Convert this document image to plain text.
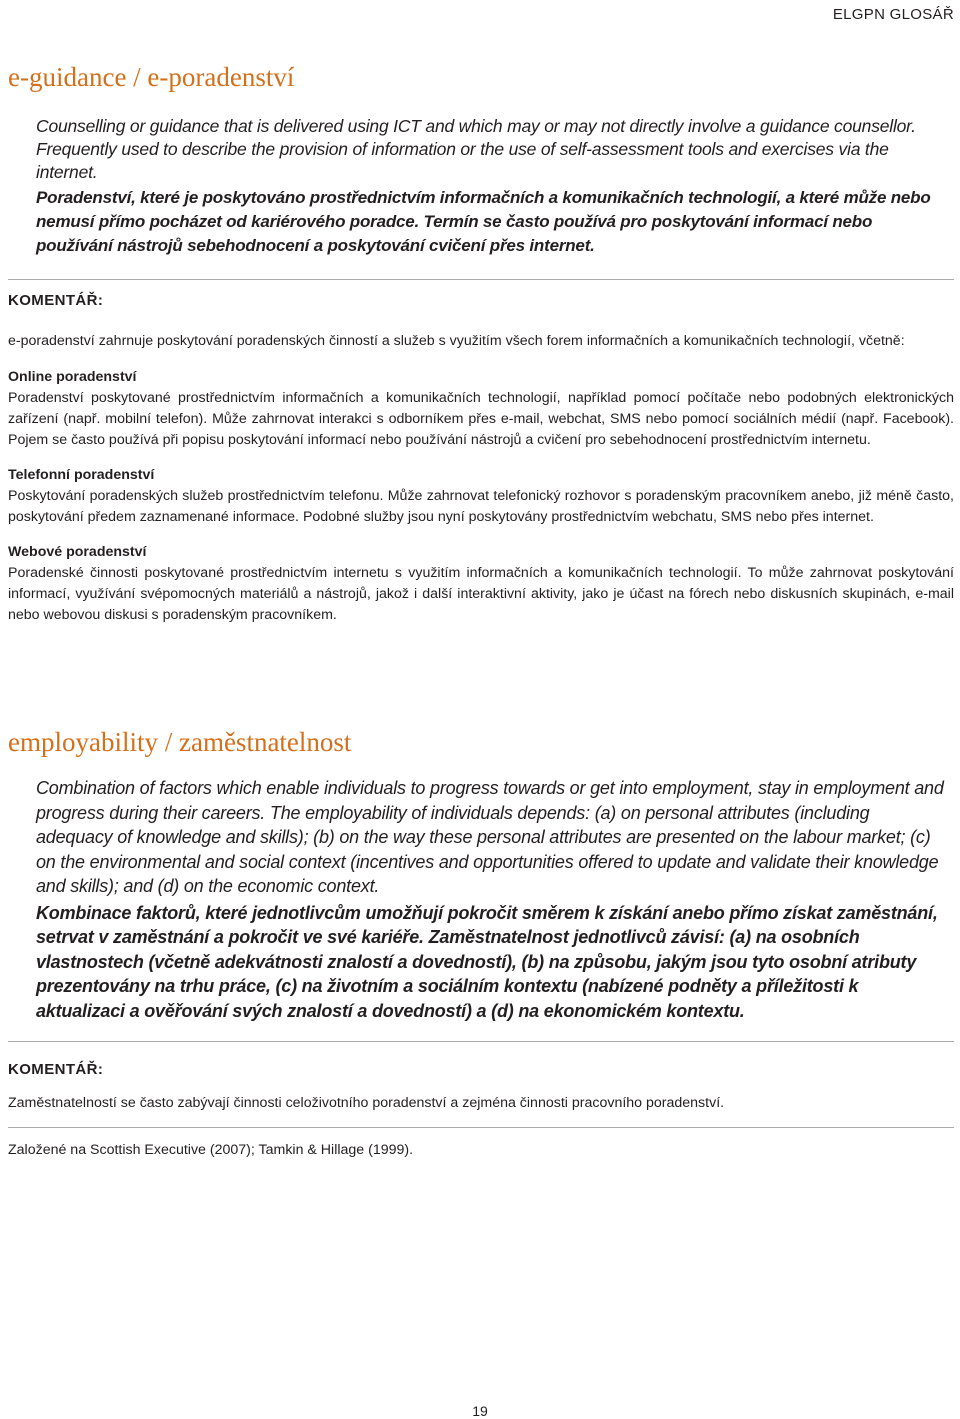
ELGPN GLOSÁŘ
e-guidance / e-poradenství

Counselling or guidance that is delivered using ICT and which may or may not directly involve a guidance counsellor. Frequently used to describe the provision of information or the use of self-assessment tools and exercises via the internet.

Poradenství, které je poskytováno prostřednictvím informačních a komunikačních technologií, a které může nebo nemusí přímo pocházet od kariérového poradce. Termín se často používá pro poskytování informací nebo používání nástrojů sebehodnocení a poskytování cvičení přes internet.

KOMENTÁŘ:

e-poradenství zahrnuje poskytování poradenských činností a služeb s využitím všech forem informačních a komunikačních technologií, včetně:

Online poradenství

Poradenství poskytované prostřednictvím informačních a komunikačních technologií, například pomocí počítače nebo podobných elektronických zařízení (např. mobilní telefon). Může zahrnovat interakci s odborníkem přes e-mail, webchat, SMS nebo pomocí sociálních médií (např. Facebook). Pojem se často používá při popisu poskytování informací nebo používání nástrojů a cvičení pro sebehodnocení prostřednictvím internetu.

Telefonní poradenství

Poskytování poradenských služeb prostřednictvím telefonu. Může zahrnovat telefonický rozhovor s poradenským pracovníkem anebo, již méně často, poskytování předem zaznamenané informace. Podobné služby jsou nyní poskytovány prostřednictvím webchatu, SMS nebo přes internet.

Webové poradenství

Poradenské činnosti poskytované prostřednictvím internetu s využitím informačních a komunikačních technologií. To může zahrnovat poskytování informací, využívání svépomocných materiálů a nástrojů, jakož i další interaktivní aktivity, jako je účast na fórech nebo diskusních skupinách, e-mail nebo webovou diskusi s poradenským pracovníkem.

employability / zaměstnatelnost

Combination of factors which enable individuals to progress towards or get into employment, stay in employment and progress during their careers. The employability of individuals depends: (a) on personal attributes (including adequacy of knowledge and skills); (b) on the way these personal attributes are presented on the labour market; (c) on the environmental and social context (incentives and opportunities offered to update and validate their knowledge and skills); and (d) on the economic context.

Kombinace faktorů, které jednotlivcům umožňují pokročit směrem k získání anebo přímo získat zaměstnání, setrvat v zaměstnání a pokročit ve své kariéře. Zaměstnatelnost jednotlivců závisí: (a) na osobních vlastnostech (včetně adekvátnosti znalostí a dovedností), (b) na způsobu, jakým jsou tyto osobní atributy prezentovány na trhu práce, (c) na životním a sociálním kontextu (nabízené podněty a příležitosti k aktualizaci a ověřování svých znalostí a dovedností) a (d) na ekonomickém kontextu.

KOMENTÁŘ:

Zaměstnatelností se často zabývají činnosti celoživotního poradenství a zejména činnosti pracovního poradenství.

Založené na Scottish Executive (2007); Tamkin & Hillage (1999).

19
